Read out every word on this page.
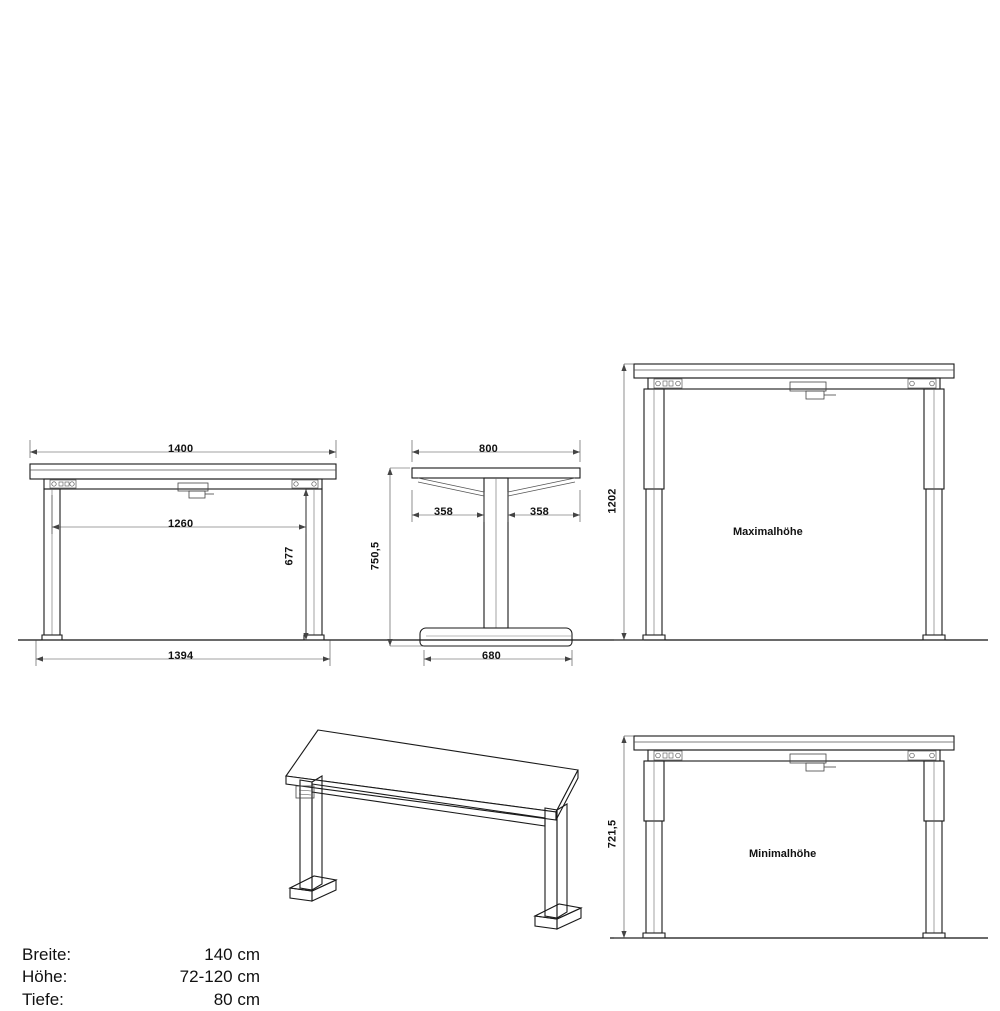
1400
1260
677
1394
800
358	358
750,5
680
1202
Maximalhöhe
721,5
Minimalhöhe
Breite:	140 cm
Höhe:	72-120 cm
Tiefe:	80 cm
